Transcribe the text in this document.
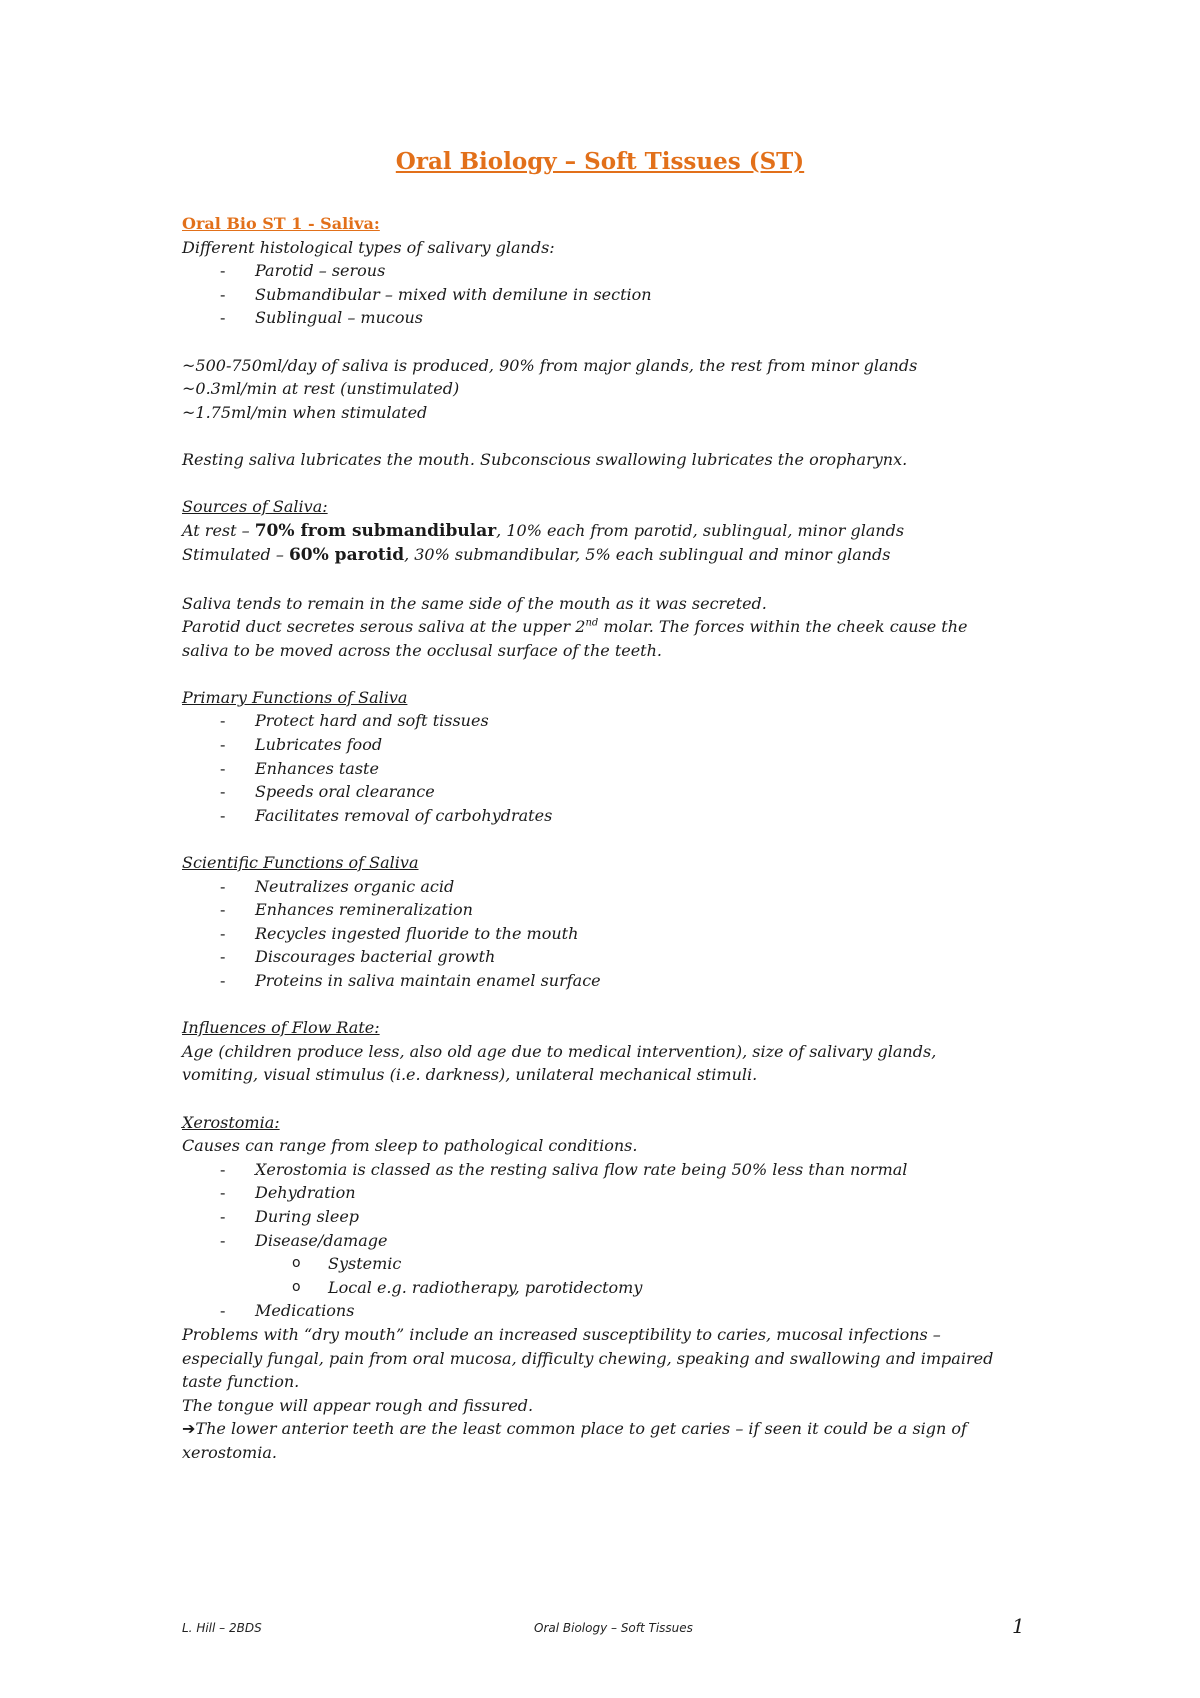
Oral Biology – Soft Tissues (ST)
Oral Bio ST 1 - Saliva:
Different histological types of salivary glands:
- Parotid – serous
- Submandibular – mixed with demilune in section
- Sublingual – mucous
~500-750ml/day of saliva is produced, 90% from major glands, the rest from minor glands
~0.3ml/min at rest (unstimulated)
~1.75ml/min when stimulated
Resting saliva lubricates the mouth. Subconscious swallowing lubricates the oropharynx.
Sources of Saliva:
At rest – 70% from submandibular, 10% each from parotid, sublingual, minor glands
Stimulated – 60% parotid, 30% submandibular, 5% each sublingual and minor glands
Saliva tends to remain in the same side of the mouth as it was secreted.
Parotid duct secretes serous saliva at the upper 2nd molar. The forces within the cheek cause the
saliva to be moved across the occlusal surface of the teeth.
Primary Functions of Saliva
- Protect hard and soft tissues
- Lubricates food
- Enhances taste
- Speeds oral clearance
- Facilitates removal of carbohydrates
Scientific Functions of Saliva
- Neutralizes organic acid
- Enhances remineralization
- Recycles ingested fluoride to the mouth
- Discourages bacterial growth
- Proteins in saliva maintain enamel surface
Influences of Flow Rate:
Age (children produce less, also old age due to medical intervention), size of salivary glands,
vomiting, visual stimulus (i.e. darkness), unilateral mechanical stimuli.
Xerostomia:
Causes can range from sleep to pathological conditions.
- Xerostomia is classed as the resting saliva flow rate being 50% less than normal
- Dehydration
- During sleep
- Disease/damage
o Systemic
o Local e.g. radiotherapy, parotidectomy
- Medications
Problems with “dry mouth” include an increased susceptibility to caries, mucosal infections –
especially fungal, pain from oral mucosa, difficulty chewing, speaking and swallowing and impaired
taste function.
The tongue will appear rough and fissured.
➔The lower anterior teeth are the least common place to get caries – if seen it could be a sign of
xerostomia.
L. Hill – 2BDS	Oral Biology – Soft Tissues	1
